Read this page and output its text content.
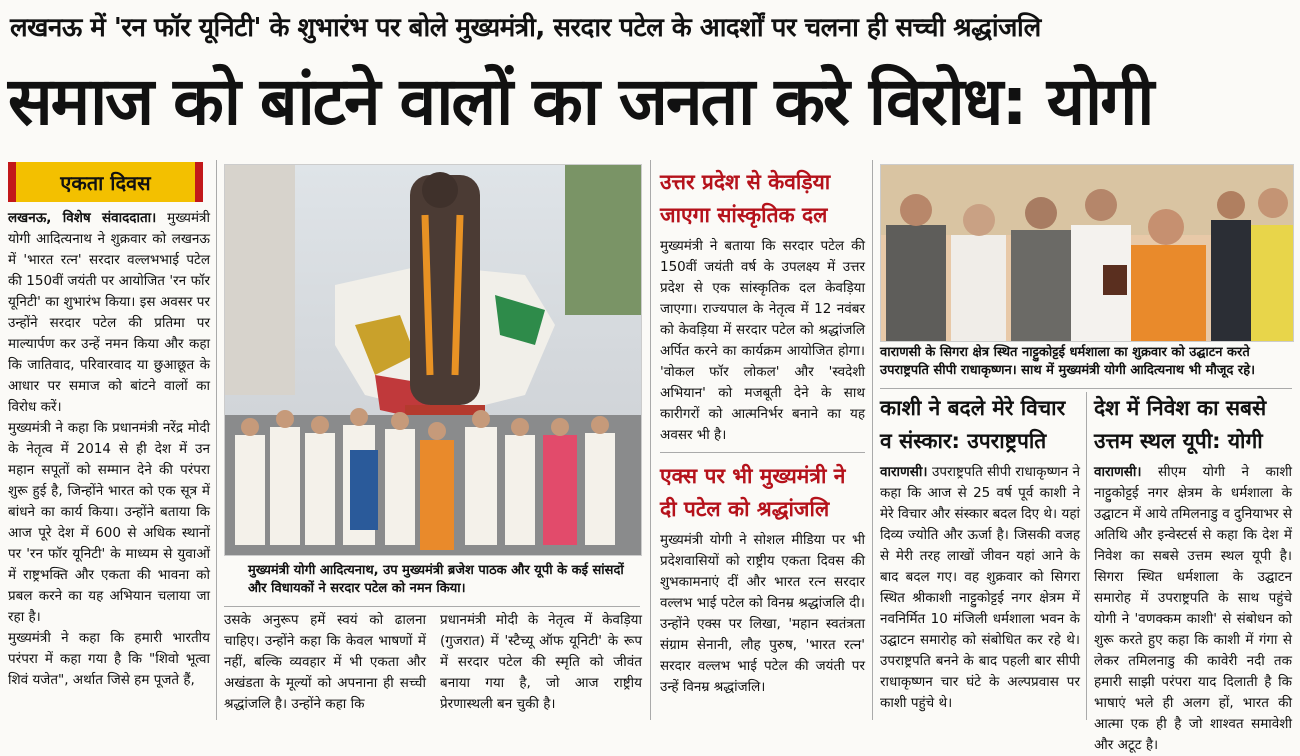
लखनऊ में 'रन फॉर यूनिटी' के शुभारंभ पर बोले मुख्यमंत्री, सरदार पटेल के आदर्शों पर चलना ही सच्ची श्रद्धांजलि
समाज को बांटने वालों का जनता करे विरोध: योगी
एकता दिवस

लखनऊ, विशेष संवाददाता। मुख्यमंत्री योगी आदित्यनाथ ने शुक्रवार को लखनऊ में 'भारत रत्न' सरदार वल्लभभाई पटेल की 150वीं जयंती पर आयोजित 'रन फॉर यूनिटी' का शुभारंभ किया। इस अवसर पर उन्होंने सरदार पटेल की प्रतिमा पर माल्यार्पण कर उन्हें नमन किया और कहा कि जातिवाद, परिवारवाद या छुआछूत के आधार पर समाज को बांटने वालों का विरोध करें।

मुख्यमंत्री ने कहा कि प्रधानमंत्री नरेंद्र मोदी के नेतृत्व में 2014 से ही देश में उन महान सपूतों को सम्मान देने की परंपरा शुरू हुई है, जिन्होंने भारत को एक सूत्र में बांधने का कार्य किया। उन्होंने बताया कि आज पूरे देश में 600 से अधिक स्थानों पर 'रन फॉर यूनिटी' के माध्यम से युवाओं में राष्ट्रभक्ति और एकता की भावना को प्रबल करने का यह अभियान चलाया जा रहा है।

मुख्यमंत्री ने कहा कि हमारी भारतीय परंपरा में कहा गया है कि "शिवो भूत्वा शिवं यजेत", अर्थात जिसे हम पूजते हैं,

मुख्यमंत्री योगी आदित्यनाथ, उप मुख्यमंत्री ब्रजेश पाठक और यूपी के कई सांसदों और विधायकों ने सरदार पटेल को नमन किया।
उसके अनुरूप हमें स्वयं को ढालना चाहिए। उन्होंने कहा कि केवल भाषणों में नहीं, बल्कि व्यवहार में भी एकता और अखंडता के मूल्यों को अपनाना ही सच्ची श्रद्धांजलि है। उन्होंने कहा कि
प्रधानमंत्री मोदी के नेतृत्व में केवड़िया (गुजरात) में 'स्टैच्यू ऑफ यूनिटी' के रूप में सरदार पटेल की स्मृति को जीवंत बनाया गया है, जो आज राष्ट्रीय प्रेरणास्थली बन चुकी है।
उत्तर प्रदेश से केवड़िया जाएगा सांस्कृतिक दल
मुख्यमंत्री ने बताया कि सरदार पटेल की 150वीं जयंती वर्ष के उपलक्ष्य में उत्तर प्रदेश से एक सांस्कृतिक दल केवड़िया जाएगा। राज्यपाल के नेतृत्व में 12 नवंबर को केवड़िया में सरदार पटेल को श्रद्धांजलि अर्पित करने का कार्यक्रम आयोजित होगा। 'वोकल फॉर लोकल' और 'स्वदेशी अभियान' को मजबूती देने के साथ कारीगरों को आत्मनिर्भर बनाने का यह अवसर भी है।
एक्स पर भी मुख्यमंत्री ने दी पटेल को श्रद्धांजलि
मुख्यमंत्री योगी ने सोशल मीडिया पर भी प्रदेशवासियों को राष्ट्रीय एकता दिवस की शुभकामनाएं दीं और भारत रत्न सरदार वल्लभ भाई पटेल को विनम्र श्रद्धांजलि दी। उन्होंने एक्स पर लिखा, 'महान स्वतंत्रता संग्राम सेनानी, लौह पुरुष, 'भारत रत्न' सरदार वल्लभ भाई पटेल की जयंती पर उन्हें विनम्र श्रद्धांजलि।
वाराणसी के सिगरा क्षेत्र स्थित नाट्टुकोट्टई धर्मशाला का शुक्रवार को उद्घाटन करते उपराष्ट्रपति सीपी राधाकृष्णन। साथ में मुख्यमंत्री योगी आदित्यनाथ भी मौजूद रहे।
काशी ने बदले मेरे विचार व संस्कार: उपराष्ट्रपति

वाराणसी। उपराष्ट्रपति सीपी राधाकृष्णन ने कहा कि आज से 25 वर्ष पूर्व काशी ने मेरे विचार और संस्कार बदल दिए थे। यहां दिव्य ज्योति और ऊर्जा है। जिसकी वजह से मेरी तरह लाखों जीवन यहां आने के बाद बदल गए। वह शुक्रवार को सिगरा स्थित श्रीकाशी नाट्टुकोट्टई नगर क्षेत्रम में नवनिर्मित 10 मंजिली धर्मशाला भवन के उद्घाटन समारोह को संबोधित कर रहे थे। उपराष्ट्रपति बनने के बाद पहली बार सीपी राधाकृष्णन चार घंटे के अल्पप्रवास पर काशी पहुंचे थे।

देश में निवेश का सबसे उत्तम स्थल यूपी: योगी

वाराणसी। सीएम योगी ने काशी नाट्टुकोट्टई नगर क्षेत्रम के धर्मशाला के उद्घाटन में आये तमिलनाडु व दुनियाभर से अतिथि और इन्वेस्टर्स से कहा कि देश में निवेश का सबसे उत्तम स्थल यूपी है। सिगरा स्थित धर्मशाला के उद्घाटन समारोह में उपराष्ट्रपति के साथ पहुंचे योगी ने 'वणक्कम काशी' से संबोधन को शुरू करते हुए कहा कि काशी में गंगा से लेकर तमिलनाडु की कावेरी नदी तक हमारी साझी परंपरा याद दिलाती है कि भाषाएं भले ही अलग हों, भारत की आत्मा एक ही है जो शाश्वत समावेशी और अटूट है।
